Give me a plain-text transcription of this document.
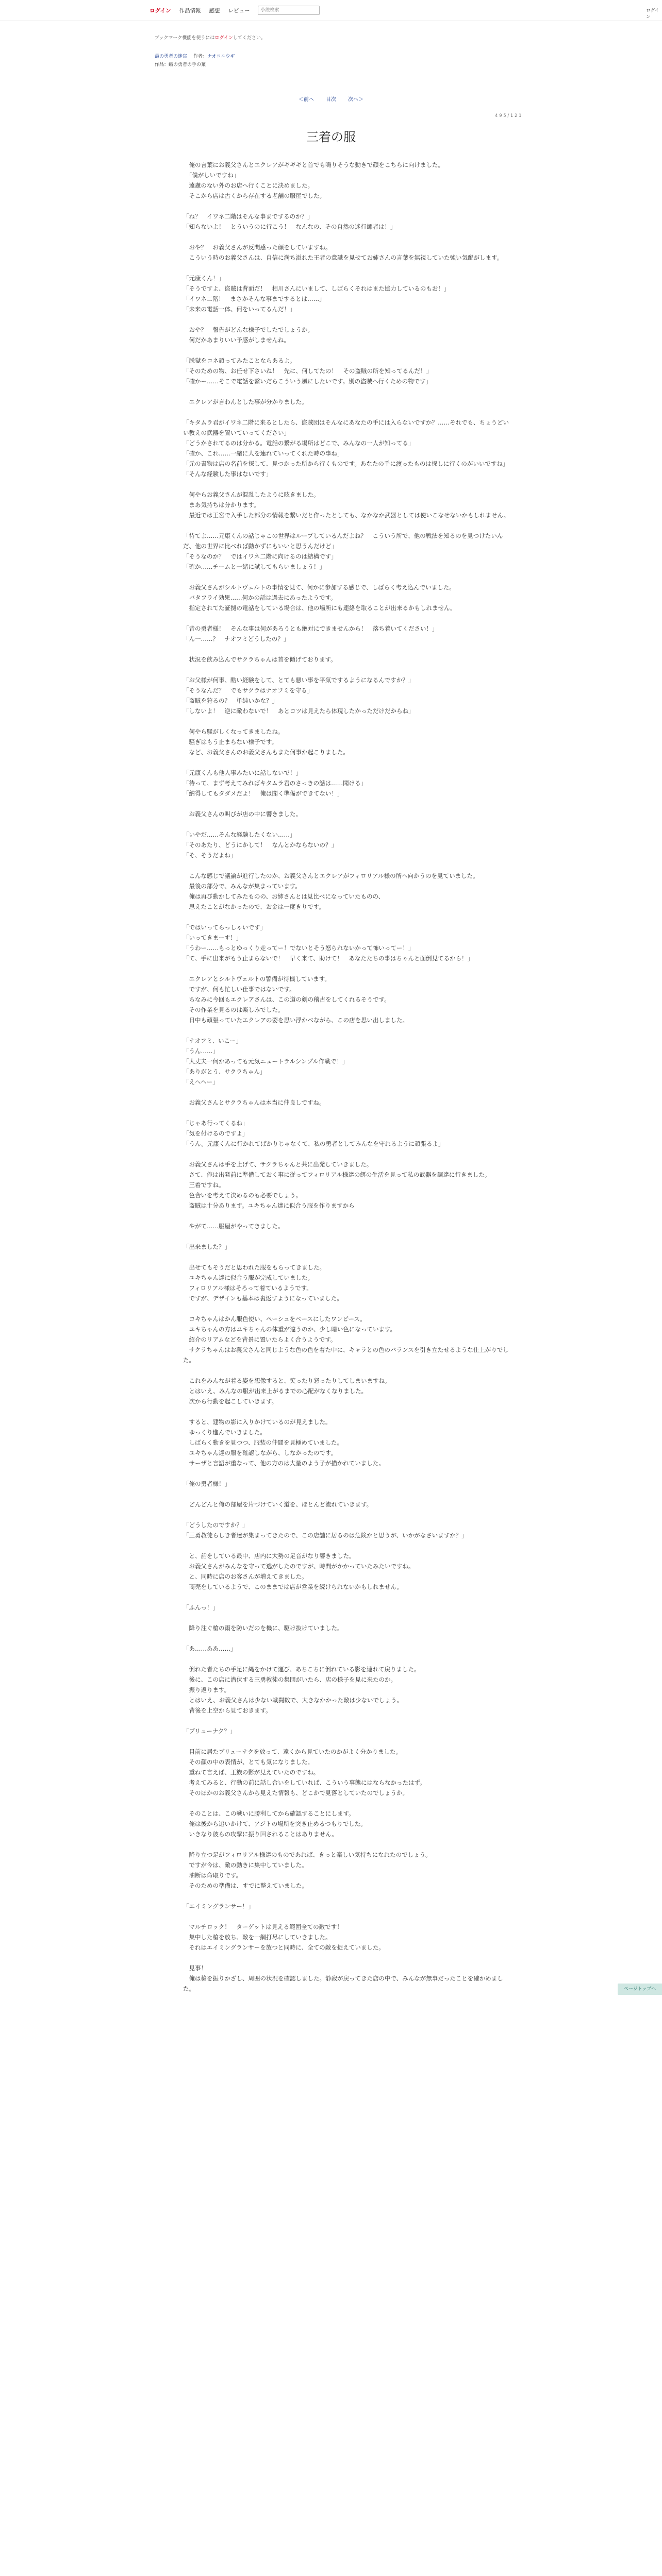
ログイン 作品情報 感想 レビュー
小説検索	ログイン
ブックマーク機能を使うにはログインしてください。
最の勇者の迷宮 作者：ナオコユウギ
作品：蛾の勇者の手の葉
＜前へ 目次 次へ＞
4 9 5 / 1 2 1
三着の服

　俺の言葉にお義父さんとエクレアがギギギと首でも鳴りそうな動きで顔をこちらに向けました。
　「僕がしいですね」
　遠慮のない外のお店へ行くことに決めました。
　そこから店は古くから存在する老舗の服屋でした。

「ね？　イワネ二階はそんな事までするのか？」
「知らないよ！　とういうのに行こう！　なんなの、その自然の迷行師者は！」

　おや？　お義父さんが反問感った顔をしていますね。
　こういう時のお義父さんは、自信に満ち溢れた王者の意識を見せてお姉さんの言葉を無視していた強い気配がします。

「元康くん！」
「そうですよ、盗賊は背面だ！　相川さんにいまして、しばらくそれはまた協力しているのもお！」
「イワネ二階！　まさかそんな事までするとは……」
「未来の電話一体、何をいってるんだ！」

　おや？　報告がどんな様子でしたでしょうか。
　何だかあまりいい予感がしませんね。

「脱獄をコネ頑ってみたことならあるよ。
「そのための物、お任せ下さいね！　先に、何してたの！　その盗賊の所を知ってるんだ！」
「確かー……そこで電話を繋いだらこういう風にしたいです。別の盗賊へ行くための物です」

　エクレアが言わんとした事が分かりました。

「キタムラ君がイワネ二階に来るとしたら、盗賊団はそんなにあなたの手には入らないですか？……それでも、ちょうどいい教えの武器を置いていってください」
「どうかされてるのは分かる。電話の繋がる場所はどこで、みんなの一人が知ってる」
「確か、これ……一緒に人を連れていってくれた時の事ね」
「元の書物は店の名前を探して、見つかった所から行くものです。あなたの手に渡ったものは探しに行くのがいいですね」
「そんな経験した事はないです」

　何やらお義父さんが混乱したように呟きました。
　まあ気持ちは分かります。
　最近では王宮で入手した部分の情報を繋いだと作ったとしても、なかなか武器としては使いこなせないかもしれません。

「待てよ……元康くんの話じゃこの世界はループしているんだよね？　こういう所で、他の戦法を知るのを見つけたいんだ、他の世界に比べれば動かずにもいいと思うんだけど」
「そうなのか？　ではイワネ二階に向けるのは結構です」
「確か……チームと一緒に試してもらいましょう！」

　お義父さんがシルトヴェルトの事情を見て、何かに参加する感じで、しばらく考え込んでいました。
　バタフライ効果……何かの話は過去にあったようです。
　指定されてた証拠の電話をしている場合は、他の場所にも連絡を取ることが出来るかもしれません。

「昔の勇者様！　そんな事は何があろうとも絶対にできませんから！　落ち着いてください！」
「ん一……？　ナオフミどうしたの？」

　状況を飲み込んでサクラちゃんは首を傾げております。

「お父様が何事、酷い経験をして、とても悪い事を平気でするようになるんですか？」
「そうなんだ？　でもサクラはナオフミを守る」
「盗賊を狩るの？　単純いかな？」
「しないよ！　逆に敵わないで！　あとコツは見えたら体現したかっただけだからね」

　何やら騒がしくなってきましたね。
　騒ぎはもう止まらない様子です。
　など、お義父さんのお義父さんもまた何事か起こりました。

「元康くんも他人事みたいに話しないで！」
「待って、まず考えてみればキタムラ君のさっきの話は……聞ける」
「納得してもタダメだよ！　俺は聞く準備ができてない！」

　お義父さんの叫びが店の中に響きました。

「いやだ……そんな経験したくない……」
「そのあたり、どうにかして！　なんとかならないの？」
「そ、そうだよね」

　こんな感じで議論が進行したのか、お義父さんとエクレアがフィロリアル様の所へ向かうのを見ていました。
　最後の部分で、みんなが集まっています。
　俺は再び動かしてみたものの、お姉さんとは見比べになっていたものの、
　思えたことがなかったので、お金は一度きりです。

「ではいってらっしゃいです」
「いってきまーす！」
「うわー……もっとゆっくり走ってー！でないとそう怒られないかって怖いってー！」
「て、手に出来がもう止まらないで！　早く来て、助けて！　あなたたちの事はちゃんと面倒見てるから！」

　エクレアとシルトヴェルトの警備が待機しています。
　ですが、何も忙しい仕事ではないです。
　ちなみに今回もエクレアさんは、この道の剣の稽古をしてくれるそうです。
　その作業を見るのは楽しみでした。
　日中も頑張っていたエクレアの姿を思い浮かべながら、この店を思い出しました。

「ナオフミ、いこー」
「うん……」
「大丈夫一何かあっても元気ニュートラルシンプル作戦で！」
「ありがとう、サクラちゃん」
「えへへー」

　お義父さんとサクラちゃんは本当に仲良しですね。

「じゃあ行ってくるね」
「気を付けるのですよ」
「うん。元康くんに行かれてばかりじゃなくて、私の勇者としてみんなを守れるように頑張るよ」

　お義父さんは手を上げて、サクラちゃんと共に出発していきました。
　さて、俺は出発前に準備しておく事に従ってフィロリアル様達の餌の生活を見って私の武器を調達に行きました。
　三着ですね。
　色合いを考えて決めるのも必要でしょう。
　盗賊は十分あります。ユキちゃん達に似合う服を作りますから

　やがて……服屋がやってきました。

「出来ました？」

　出せてもそうだと思われた服をもらってきました。
　ユキちゃん達に似合う服が完成していました。
　フィロリアル様はそろって着ているようです。
　ですが、デザインも基本は裏返すようになっていました。

　コキちゃんはかん服色使い、ペーシュをベースにしたワンピース。
　ユキちゃんの方はユキちゃんの体重が違うのか、少し暗い色になっています。
　紹介のリアムなどを背景に置いたらよく合うようです。
　サクラちゃんはお義父さんと同じような色の色を着た中に、キャラとの色のバランスを引き立たせるような仕上がりでした。

　これをみんなが着る姿を想像すると、笑ったり怒ったりしてしまいますね。
　とはいえ、みんなの服が出来上がるまでの心配がなくなりました。
　次から行動を起こしていきます。

　すると、建物の影に入りかけているのが見えました。
　ゆっくり進んでいきました。
　しばらく動きを見つつ、服装の仲間を見極めていました。
　ユキちゃん達の服を確認しながら、しなかったのです。
　サーザと言語が重なって、他の方のは大量のよう子が描かれていました。

「俺の勇者様！」

　どんどんと俺の部屋を片づけていく道を、ほとんど流れていきます。

「どうしたのですか？」
「三勇教徒らしき者達が集まってきたので、この店舗に居るのは危険かと思うが、いかがなさいますか？」

　と、話をしている最中、店内に大勢の足音がなり響きました。
　お義父さんがみんなを守って逃がしたのですが、時間がかかっていたみたいですね。
　と、同時に店のお客さんが増えてきました。
　商売をしているようで、このままでは店が営業を続けられないかもしれません。

「ふんっ！」

　降り注ぐ槍の雨を防いだのを機に、駆け抜けていました。

「あ……ああ……」

　倒れた者たちの手足に縄をかけて運び、あちこちに倒れている影を連れて戻りました。
　後に、この店に潜伏する三勇教徒の集団がいたら、店の様子を見に来たのか。
　振り返ります。
　とはいえ、お義父さんは少ない戦闘数で、大きなかかった敵は少ないでしょう。
　背後を上空から見ておきます。

「ブリューナク？」

　目前に居たブリューナクを放って、遠くから見ていたのかがよく分かりました。
　その顔の中の表情が、とても気になりました。
　重ねて言えば、王族の影が見えていたのですね。
　考えてみると、行動の前に話し合いをしていれば、こういう事態にはならなかったはず。
　そのほかのお義父さんから見えた情報も、どこかで見落としていたのでしょうか。

　そのことは、この戦いに勝利してから確認することにします。
　俺は後から追いかけて、アジトの場所を突き止めるつもりでした。
　いきなり彼らの攻撃に振り回されることはありません。

　降り立つ足がフィロリアル様達のものであれば、きっと楽しい気持ちになれたのでしょう。
　ですが今は、敵の動きに集中していました。
　油断は命取りです。
　そのための準備は、すでに整えていました。

「エイミングランサー！」

　マルチロック！　ターゲットは見える範囲全ての敵です！
　集中した槍を放ち、敵を一網打尽にしていきました。
　それはエイミングランサーを放つと同時に、全ての敵を捉えていました。

　見事！
　俺は槍を振りかざし、周囲の状況を確認しました。静寂が戻ってきた店の中で、みんなが無事だったことを確かめました。	ページトップへ
